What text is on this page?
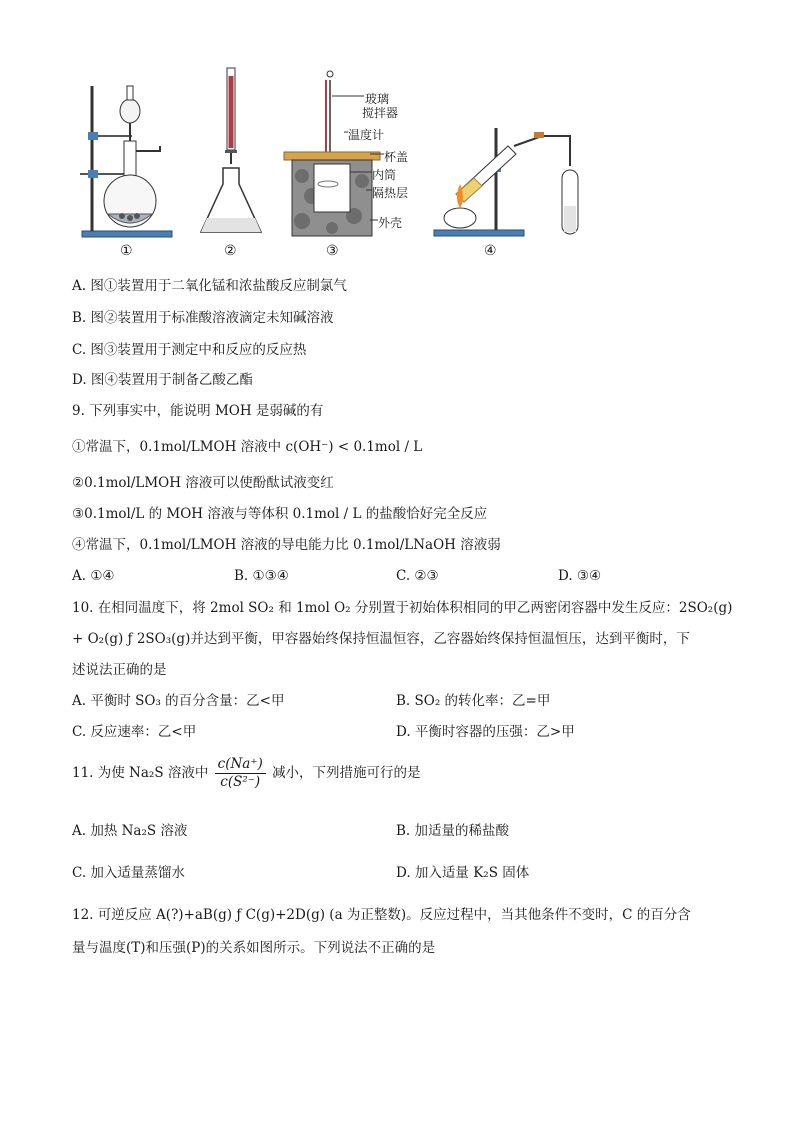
玻璃
搅拌器
温度计
杯盖
内筒
隔热层
外壳
①	②	③	④
A. 图①装置用于二氧化锰和浓盐酸反应制氯气
B. 图②装置用于标准酸溶液滴定未知碱溶液
C. 图③装置用于测定中和反应的反应热
D. 图④装置用于制备乙酸乙酯
9. 下列事实中，能说明 MOH 是弱碱的有
①常温下，0.1mol/LMOH 溶液中 c(OH⁻) < 0.1mol / L
②0.1mol/LMOH 溶液可以使酚酞试液变红
③0.1mol/L 的 MOH 溶液与等体积 0.1mol / L 的盐酸恰好完全反应
④常温下，0.1mol/LMOH 溶液的导电能力比 0.1mol/LNaOH 溶液弱
A. ①④	B. ①③④	C. ②③	D. ③④
10. 在相同温度下，将 2mol SO₂ 和 1mol O₂ 分别置于初始体积相同的甲乙两密闭容器中发生反应：2SO₂(g)
+ O₂(g) ƒ 2SO₃(g)并达到平衡，甲容器始终保持恒温恒容，乙容器始终保持恒温恒压，达到平衡时，下
述说法正确的是
A. 平衡时 SO₃ 的百分含量：乙<甲	B. SO₂ 的转化率：乙=甲
C. 反应速率：乙<甲	D. 平衡时容器的压强：乙>甲
11. 为使 Na₂S 溶液中 $\frac{c(Na^+)}{\text{c(S²⁻)}}$ 减小，下列措施可行的是
A. 加热 Na₂S 溶液	B. 加适量的稀盐酸
C. 加入适量蒸馏水	D. 加入适量 K₂S 固体
12. 可逆反应 A(?)+aB(g) ƒ C(g)+2D(g) (a 为正整数)。反应过程中，当其他条件不变时，C 的百分含
量与温度(T)和压强(P)的关系如图所示。下列说法不正确的是
